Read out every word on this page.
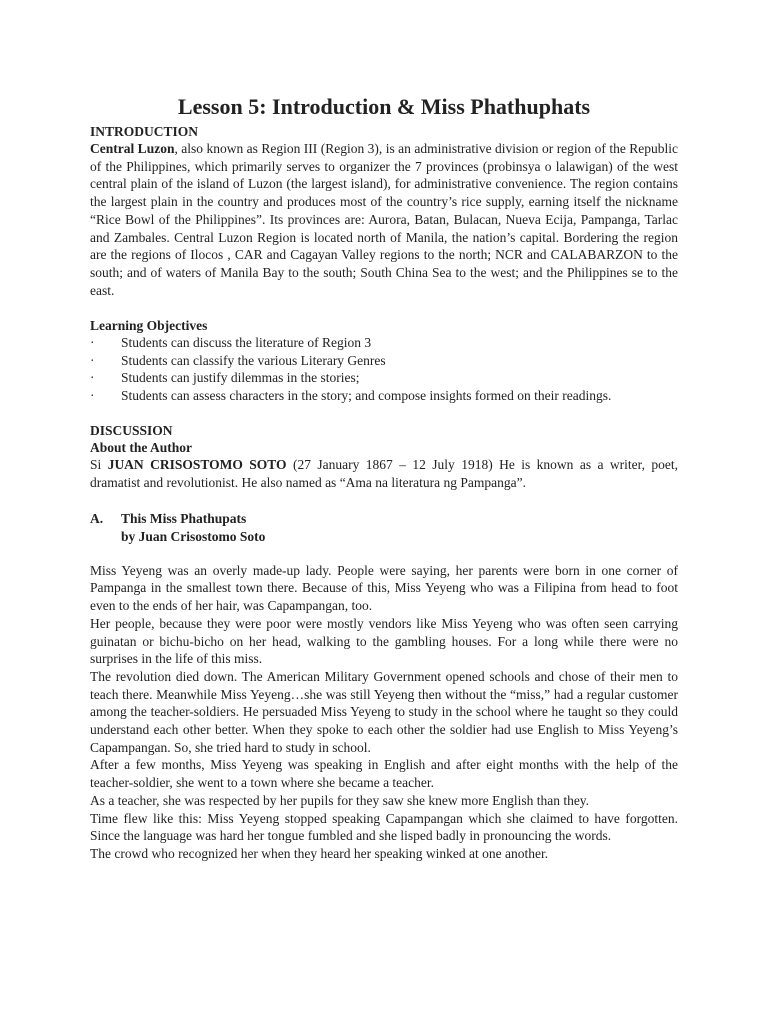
Lesson 5: Introduction & Miss Phathuphats
INTRODUCTION

Central Luzon, also known as Region III (Region 3), is an administrative division or region of the Republic of the Philippines, which primarily serves to organizer the 7 provinces (probinsya o lalawigan) of the west central plain of the island of Luzon (the largest island), for administrative convenience. The region contains the largest plain in the country and produces most of the country’s rice supply, earning itself the nickname “Rice Bowl of the Philippines”. Its provinces are: Aurora, Batan, Bulacan, Nueva Ecija, Pampanga, Tarlac and Zambales. Central Luzon Region is located north of Manila, the nation’s capital. Bordering the region are the regions of Ilocos , CAR and Cagayan Valley regions to the north; NCR and CALABARZON to the south; and of waters of Manila Bay to the south; South China Sea to the west; and the Philippines se to the east.

Learning Objectives
· Students can discuss the literature of Region 3
· Students can classify the various Literary Genres
· Students can justify dilemmas in the stories;
· Students can assess characters in the story; and compose insights formed on their readings.
DISCUSSION
About the Author

Si JUAN CRISOSTOMO SOTO (27 January 1867 – 12 July 1918) He is known as a writer, poet, dramatist and revolutionist. He also named as “Ama na literatura ng Pampanga”.

A. This Miss Phathupats
by Juan Crisostomo Soto

Miss Yeyeng was an overly made-up lady. People were saying, her parents were born in one corner of Pampanga in the smallest town there. Because of this, Miss Yeyeng who was a Filipina from head to foot even to the ends of her hair, was Capampangan, too.

Her people, because they were poor were mostly vendors like Miss Yeyeng who was often seen carrying guinatan or bichu-bicho on her head, walking to the gambling houses. For a long while there were no surprises in the life of this miss.

The revolution died down. The American Military Government opened schools and chose of their men to teach there. Meanwhile Miss Yeyeng…she was still Yeyeng then without the “miss,” had a regular customer among the teacher-soldiers. He persuaded Miss Yeyeng to study in the school where he taught so they could understand each other better. When they spoke to each other the soldier had use English to Miss Yeyeng’s Capampangan. So, she tried hard to study in school.

After a few months, Miss Yeyeng was speaking in English and after eight months with the help of the teacher-soldier, she went to a town where she became a teacher.

As a teacher, she was respected by her pupils for they saw she knew more English than they.

Time flew like this: Miss Yeyeng stopped speaking Capampangan which she claimed to have forgotten. Since the language was hard her tongue fumbled and she lisped badly in pronouncing the words.

The crowd who recognized her when they heard her speaking winked at one another.
